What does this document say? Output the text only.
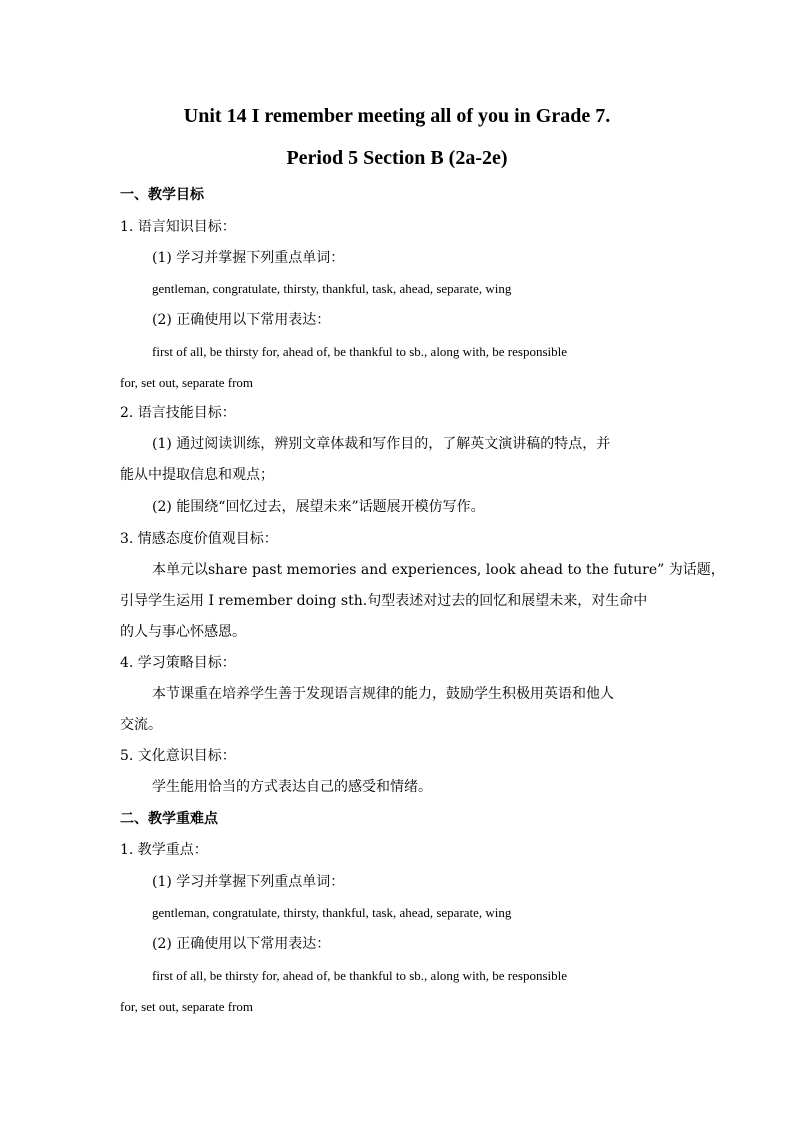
Unit 14 I remember meeting all of you in Grade 7.
Period 5 Section B (2a-2e)
一、教学目标
1. 语言知识目标：
(1) 学习并掌握下列重点单词：
gentleman, congratulate, thirsty, thankful, task, ahead, separate, wing
(2) 正确使用以下常用表达：
first of all, be thirsty for, ahead of, be thankful to sb., along with, be responsible
for, set out, separate from
2. 语言技能目标：
(1) 通过阅读训练，辨别文章体裁和写作目的，了解英文演讲稿的特点，并
能从中提取信息和观点；
(2) 能围绕“回忆过去，展望未来”话题展开模仿写作。
3. 情感态度价值观目标：
本单元以share past memories and experiences, look ahead to the future” 为话题，
引导学生运用 I remember doing sth.句型表述对过去的回忆和展望未来，对生命中
的人与事心怀感恩。
4. 学习策略目标：
本节课重在培养学生善于发现语言规律的能力，鼓励学生积极用英语和他人
交流。
5. 文化意识目标：
学生能用恰当的方式表达自己的感受和情绪。
二、教学重难点
1. 教学重点：
(1) 学习并掌握下列重点单词：
gentleman, congratulate, thirsty, thankful, task, ahead, separate, wing
(2) 正确使用以下常用表达：
first of all, be thirsty for, ahead of, be thankful to sb., along with, be responsible
for, set out, separate from
